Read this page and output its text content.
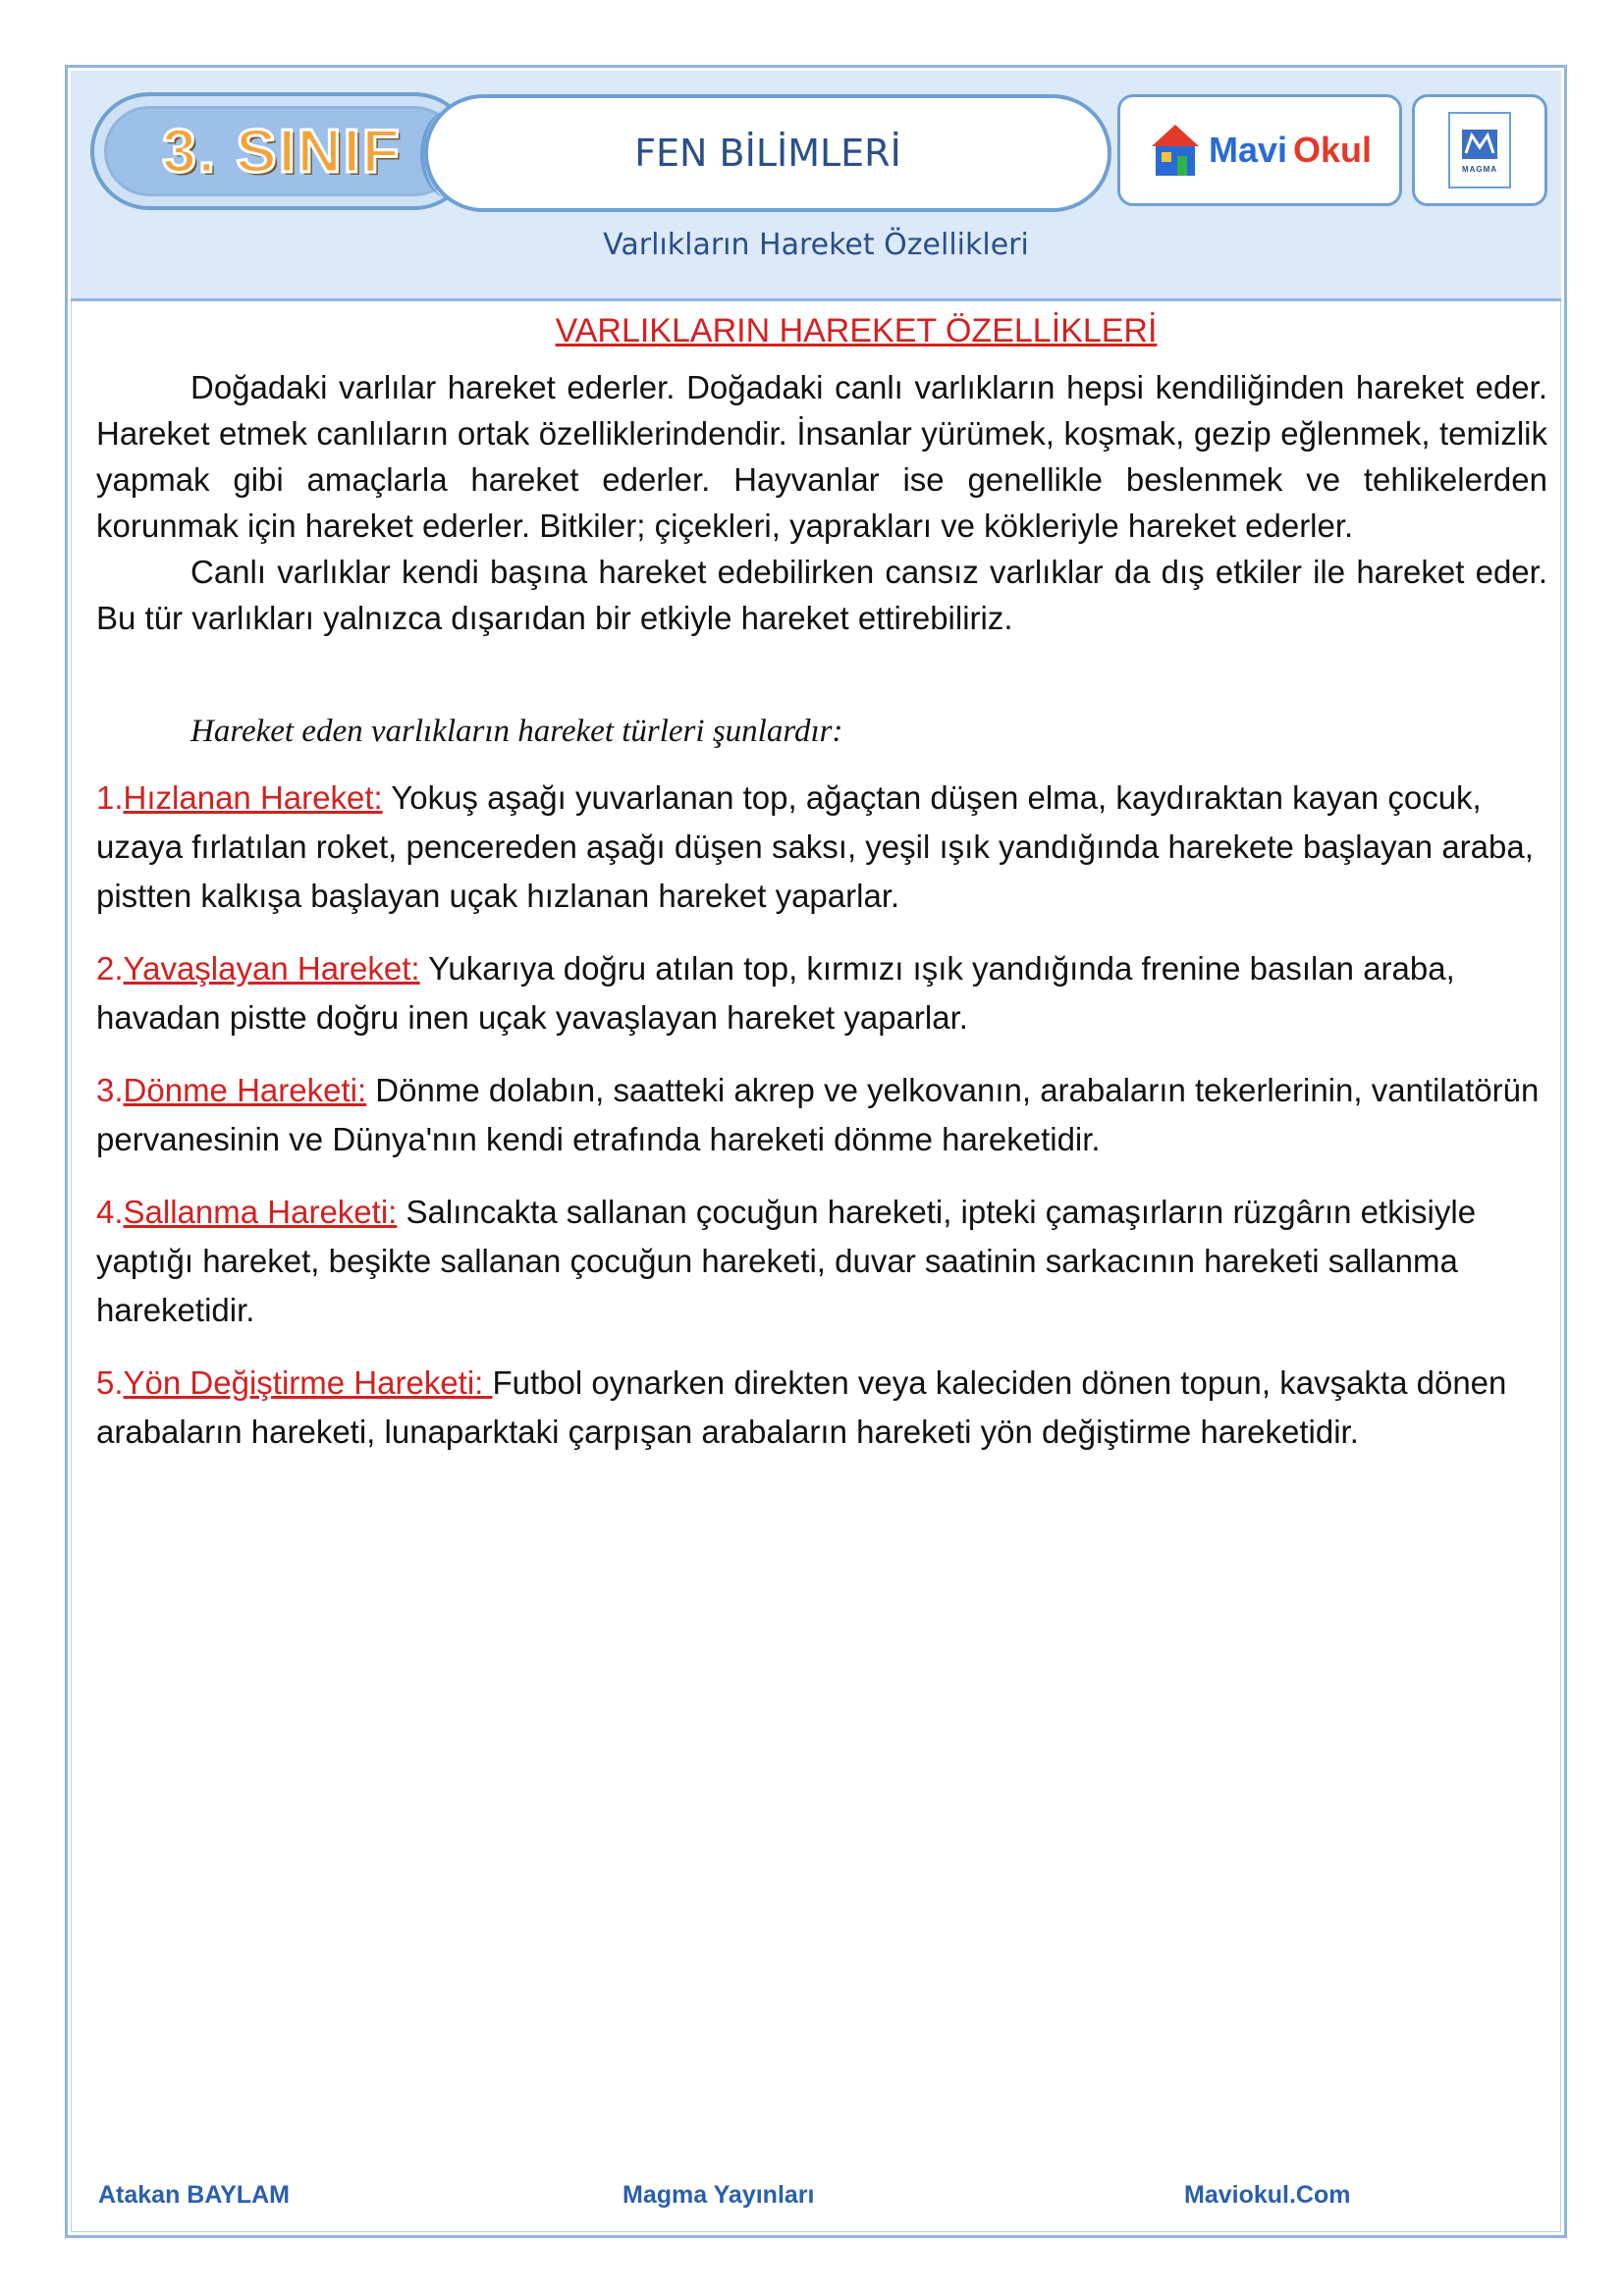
3. SINIF	FEN BİLİMLERİ	Mavi Okul	MAGMA
Varlıkların Hareket Özellikleri
VARLIKLARIN HAREKET ÖZELLİKLERİ

Doğadaki varlılar hareket ederler. Doğadaki canlı varlıkların hepsi kendiliğinden hareket eder. Hareket etmek canlıların ortak özelliklerindendir. İnsanlar yürümek, koşmak, gezip eğlenmek, temizlik yapmak gibi amaçlarla hareket ederler. Hayvanlar ise genellikle beslenmek ve tehlikelerden korunmak için hareket ederler. Bitkiler; çiçekleri, yaprakları ve kökleriyle hareket ederler.

Canlı varlıklar kendi başına hareket edebilirken cansız varlıklar da dış etkiler ile hareket eder. Bu tür varlıkları yalnızca dışarıdan bir etkiyle hareket ettirebiliriz.

Hareket eden varlıkların hareket türleri şunlardır:

1.Hızlanan Hareket: Yokuş aşağı yuvarlanan top, ağaçtan düşen elma, kaydıraktan kayan çocuk, uzaya fırlatılan roket, pencereden aşağı düşen saksı, yeşil ışık yandığında harekete başlayan araba, pistten kalkışa başlayan uçak hızlanan hareket yaparlar.

2.Yavaşlayan Hareket: Yukarıya doğru atılan top, kırmızı ışık yandığında frenine basılan araba, havadan pistte doğru inen uçak yavaşlayan hareket yaparlar.

3.Dönme Hareketi: Dönme dolabın, saatteki akrep ve yelkovanın, arabaların tekerlerinin, vantilatörün pervanesinin ve Dünya'nın kendi etrafında hareketi dönme hareketidir.

4.Sallanma Hareketi: Salıncakta sallanan çocuğun hareketi, ipteki çamaşırların rüzgârın etkisiyle yaptığı hareket, beşikte sallanan çocuğun hareketi, duvar saatinin sarkacının hareketi sallanma hareketidir.

5.Yön Değiştirme Hareketi: Futbol oynarken direkten veya kaleciden dönen topun, kavşakta dönen arabaların hareketi, lunaparktaki çarpışan arabaların hareketi yön değiştirme hareketidir.

Atakan BAYLAM	Magma Yayınları	Maviokul.Com
